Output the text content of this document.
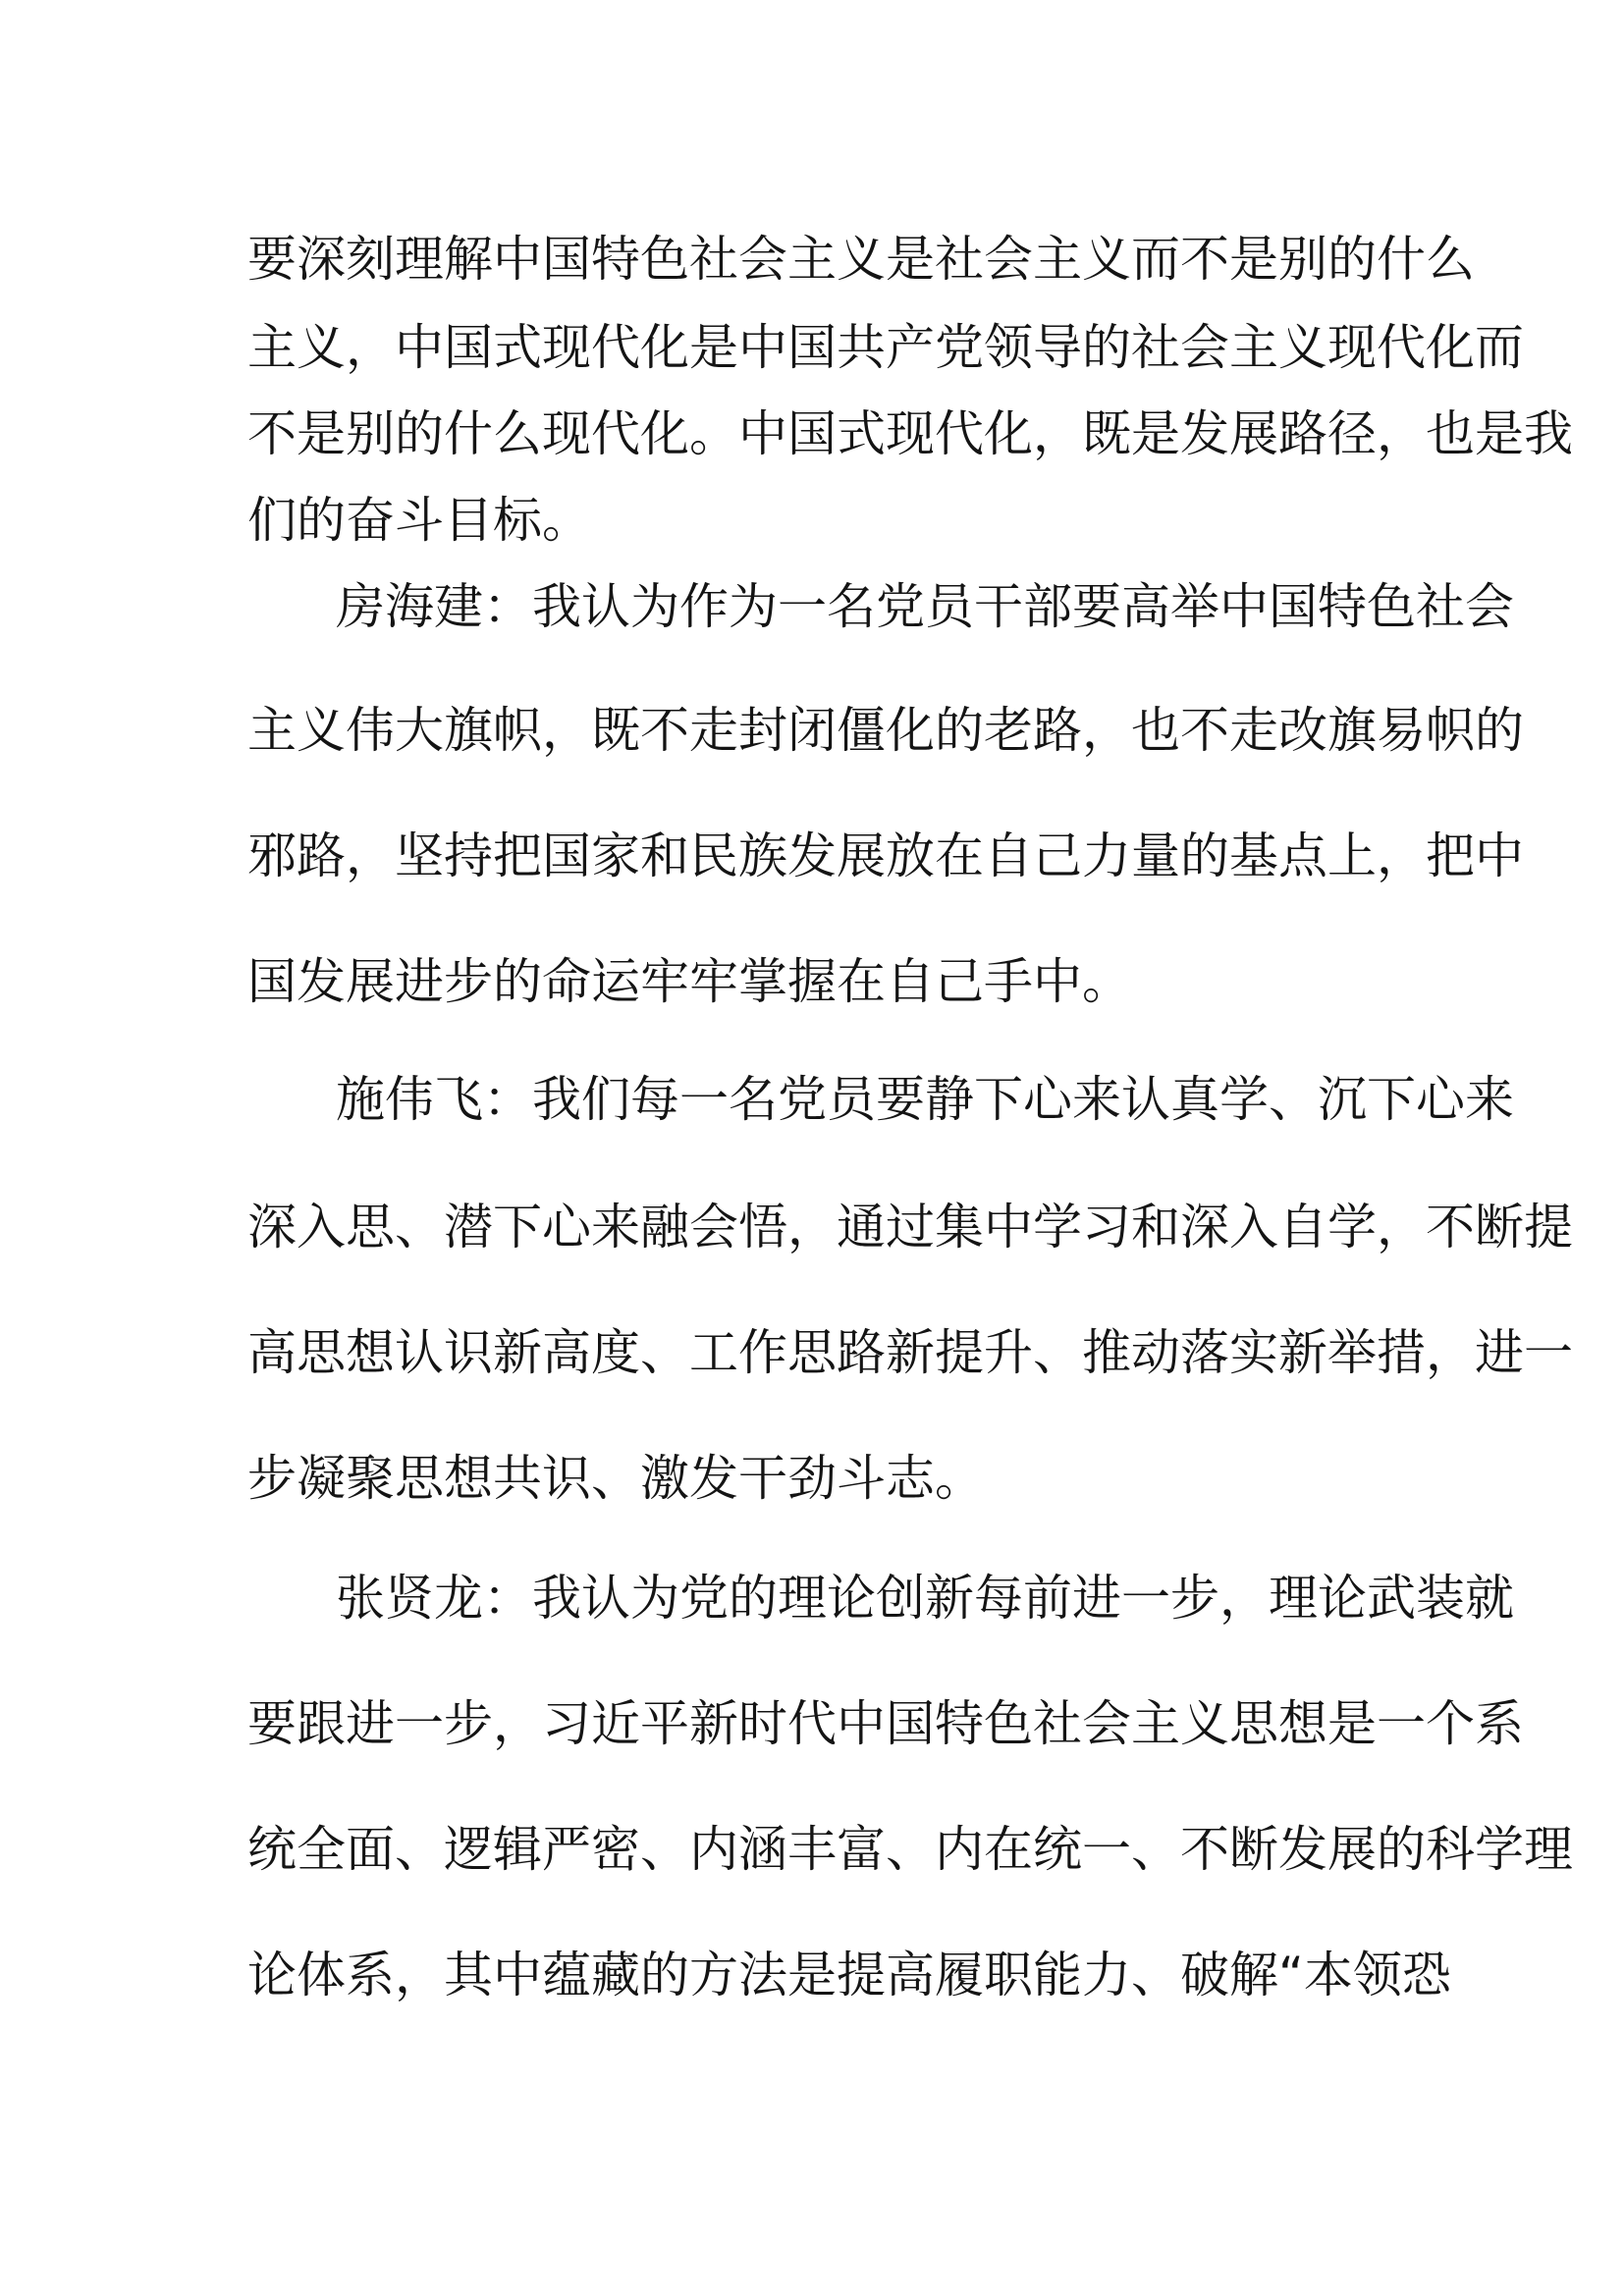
要深刻理解中国特色社会主义是社会主义而不是别的什么
主义，中国式现代化是中国共产党领导的社会主义现代化而
不是别的什么现代化。中国式现代化，既是发展路径，也是我
们的奋斗目标。
房海建：我认为作为一名党员干部要高举中国特色社会
主义伟大旗帜，既不走封闭僵化的老路，也不走改旗易帜的
邪路，坚持把国家和民族发展放在自己力量的基点上，把中
国发展进步的命运牢牢掌握在自己手中。
施伟飞：我们每一名党员要静下心来认真学、沉下心来
深入思、潜下心来融会悟，通过集中学习和深入自学，不断提
高思想认识新高度、工作思路新提升、推动落实新举措，进一
步凝聚思想共识、激发干劲斗志。
张贤龙：我认为党的理论创新每前进一步，理论武装就
要跟进一步，习近平新时代中国特色社会主义思想是一个系
统全面、逻辑严密、内涵丰富、内在统一、不断发展的科学理
论体系，其中蕴藏的方法是提高履职能力、破解“本领恐
